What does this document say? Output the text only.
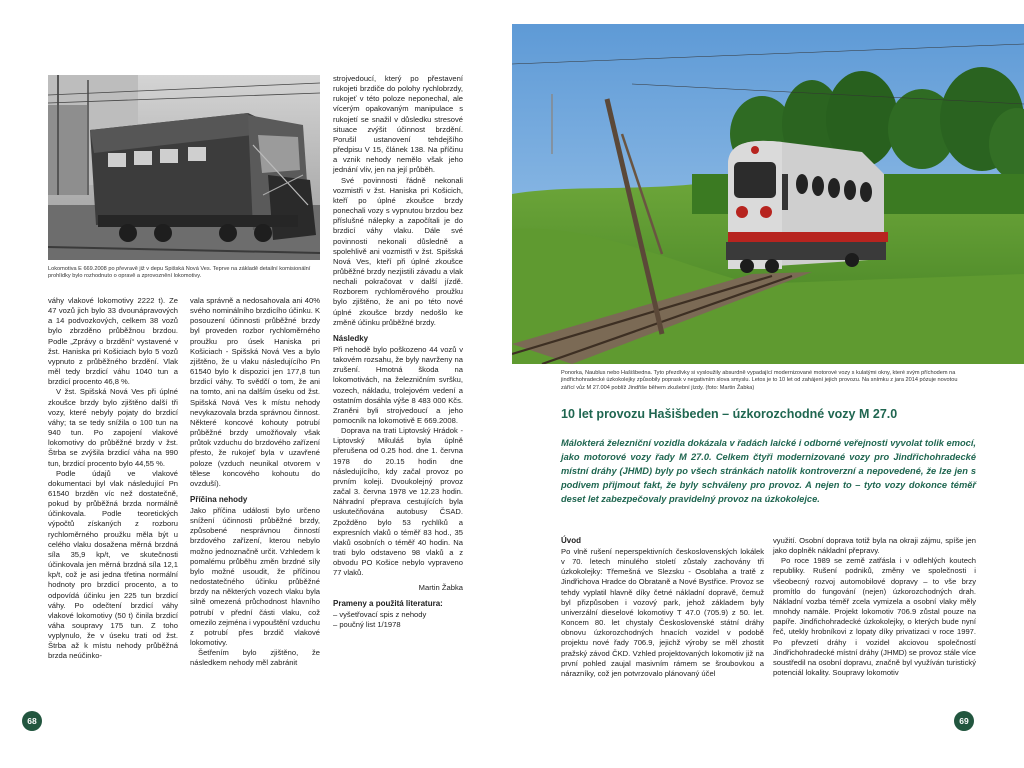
Lokomotiva E 669.2008 po převravě již v depu Spišská Nová Ves. Teprve na základě detailní komisionální prohlídky bylo rozhodnuto o opravě a zprovoznění lokomotivy.

váhy vlakové lokomotivy 2222 t). Ze 47 vozů jich bylo 33 dvounápravových a 14 podvozkových, celkem 38 vozů bylo zbrzděno průběžnou brzdou. Podle „Zprávy o brzdění“ vystavené v žst. Haniska pri Košiciach bylo 5 vozů vypnuto z průběžného brzdění. Vlak měl tedy brzdicí váhu 1040 tun a brzdicí procento 46,8 %.

V žst. Spišská Nová Ves při úplné zkoušce brzdy bylo zjištěno další tři vozy, které nebyly pojaty do brzdicí váhy; ta se tedy snížila o 100 tun na 940 tun. Po zapojení vlakové lokomotivy do průběžné brzdy v žst. Štrba se zvýšila brzdicí váha na 990 tun, brzdicí procento bylo 44,55 %.

Podle údajů ve vlakové dokumentaci byl vlak následující Pn 61540 brzděn víc než dostatečně, pokud by průběžná brzda normálně účinkovala. Podle teoretických výpočtů získaných z rozboru rychloměrného proužku měla být u celého vlaku dosažena měrná brzdná síla 35,9 kp/t, ve skutečnosti účinkovala jen měrná brzdná síla 12,1 kp/t, což je asi jedna třetina normální hodnoty pro brzdicí procento, a to odpovídá účinku jen 225 tun brzdicí váhy. Po odečtení brzdicí váhy vlakové lokomotivy (50 t) činila brzdicí váha soupravy 175 tun. Z toho vyplynulo, že v úseku trati od žst. Štrba až k místu nehody průběžná brzda neúčinko-

vala správně a nedosahovala ani 40% svého nominálního brzdicího účinku. K posouzení účinnosti průběžné brzdy byl proveden rozbor rychloměrného proužku pro úsek Haniska pri Košiciach - Spišská Nová Ves a bylo zjištěno, že u vlaku následujícího Pn 61540 bylo k dispozici jen 177,8 tun brzdicí váhy. To svědčí o tom, že ani na tomto, ani na dalším úseku od žst. Spišská Nová Ves k místu nehody nevykazovala brzda správnou činnost. Některé koncové kohouty potrubí průběžné brzdy umožňovaly však průtok vzduchu do brzdového zařízení přesto, že rukojeť byla v uzavřené poloze (vzduch neunikal otvorem v tělese koncového kohoutu do ovzduší).

Příčina nehody

Jako příčina události bylo určeno snížení účinnosti průběžné brzdy, způsobené nesprávnou činností brzdového zařízení, kterou nebylo možno jednoznačně určit. Vzhledem k pomalému průběhu změn brzdné síly bylo možné usoudit, že příčinou nedostatečného účinku průběžné brzdy na některých vozech vlaku byla silně omezená průchodnost hlavního potrubí v přední části vlaku, což omezilo zejména i vypouštění vzduchu z potrubí přes brzdič vlakové lokomotivy.

Šetřením bylo zjištěno, že následkem nehody měl zabránit

strojvedoucí, který po přestavení rukojeti brzdiče do polohy rychlobrzdy, rukojeť v této poloze neponechal, ale vícerým opakovaným manipulace s rukojetí se snažil v důsledku stresové situace zvýšit účinnost brzdění. Porušil ustanovení tehdejšího předpisu V 15, článek 138. Na příčinu a vznik nehody nemělo však jeho jednání vliv, jen na její průběh.

Své povinnosti řádně nekonali vozmistři v žst. Haniska pri Košicich, kteří po úplné zkoušce brzdy ponechali vozy s vypnutou brzdou bez příslušné nálepky a započítali je do brzdicí váhy vlaku. Dále své povinnosti nekonali důsledně a spolehlivě ani vozmistři v žst. Spišská Nová Ves, kteří při úplné zkoušce průběžné brzdy nezjistili závadu a vlak nechali pokračovat v další jízdě. Rozborem rychloměrového proužku bylo zjištěno, že ani po této nové úplné zkoušce brzdy nedošlo ke změně účinku průběžné brzdy.

Následky

Při nehodě bylo poškozeno 44 vozů v takovém rozsahu, že byly navrženy na zrušení. Hmotná škoda na lokomotivách, na železničním svršku, vozech, nákladu, trolejovém vedení a ostatním dosáhla výše 8 483 000 Kčs. Zraněni byli strojvedoucí a jeho pomocník na lokomotivě E 669.2008.

Doprava na trati Liptovský Hrádok - Liptovský Mikuláš byla úplně přerušena od 0.25 hod. dne 1. června 1978 do 20.15 hodin dne následujícího, kdy začal provoz po prvním koleji. Dvoukolejný provoz začal 3. června 1978 ve 12.23 hodin. Náhradní přeprava cestujících byla uskutečňována autobusy ČSAD. Zpožděno bylo 53 rychlíků a expresních vlaků o téměř 83 hod., 35 vlaků osobních o téměř 40 hodin. Na trati bylo odstaveno 98 vlaků a z obvodu PO Košice nebylo vypraveno 77 vlaků.

Martin Žabka

Prameny a použitá literatura:

– vyšetřovací spis z nehody

– poučný list 1/1978

68
Ponorka, Naublus nebo Hašišbedna. Tyto přezdívky si vysloužily absurdně vypadající modernizované motorové vozy s kulatými okny, které svým příchodem na jindřichohradecké úzkokolejky způsobily poprask v negativním slova smyslu. Letos je to 10 let od zahájení jejich provozu. Na snímku z jara 2014 pózuje novotou zářící vůz M 27.004 poblíž Jindřiše během zkušební jízdy. (foto: Martin Žabka)
69
10 let provozu Hašišbeden – úzkorozchodné vozy M 27.0
Málokterá železniční vozidla dokázala v řadách laické i odborné veřejnosti vyvolat tolik emocí, jako motorové vozy řady M 27.0. Celkem čtyři modernizované vozy pro Jindřichohradecké místní dráhy (JHMD) byly po všech stránkách natolik kontroverzní a nepovedené, že lze jen s podivem přijmout fakt, že byly schváleny pro provoz. A nejen to – tyto vozy dokonce téměř deset let zabezpečovaly pravidelný provoz na úzkokolejce.
Úvod

Po vlně rušení neperspektivních československých lokálek v 70. letech minulého století zůstaly zachovány tři úzkokolejky: Třemešná ve Slezsku - Osoblaha a tratě z Jindřichova Hradce do Obrataně a Nové Bystřice. Provoz se tehdy vyplatil hlavně díky četné nákladní dopravě, čemuž byl přizpůsoben i vozový park, jehož základem byly univerzální dieselové lokomotivy T 47.0 (705.9) z 50. let. Koncem 80. let chystaly Československé státní dráhy obnovu úzkorozchodných hnacích vozidel v podobě projektu nové řady 706.9, jejichž výroby se měl zhostit pražský závod ČKD. Vzhled projektovaných lokomotiv již na první pohled zaujal masivním rámem se šroubovkou a nárazníky, což jen potvrzovalo plánovaný účel

využití. Osobní doprava totiž byla na okraji zájmu, spíše jen jako doplněk nákladní přepravy.

Po roce 1989 se země zatřásla i v odlehlých koutech republiky. Rušení podniků, změny ve společnosti i všeobecný rozvoj automobilové dopravy – to vše brzy promítlo do fungování (nejen) úzkorozchodných drah. Nákladní vozba téměř zcela vymizela a osobní vlaky měly mnohdy namále. Projekt lokomotiv 706.9 zůstal pouze na papíře. Jindřichohradecké úzkokolejky, o kterých bude nyní řeč, utekly hrobníkovi z lopaty díky privatizaci v roce 1997. Po převzetí dráhy i vozidel akciovou společností Jindřichohradecké místní dráhy (JHMD) se provoz stále více soustředil na osobní dopravu, značně byl využíván turistický potenciál lokality. Soupravy lokomotiv
